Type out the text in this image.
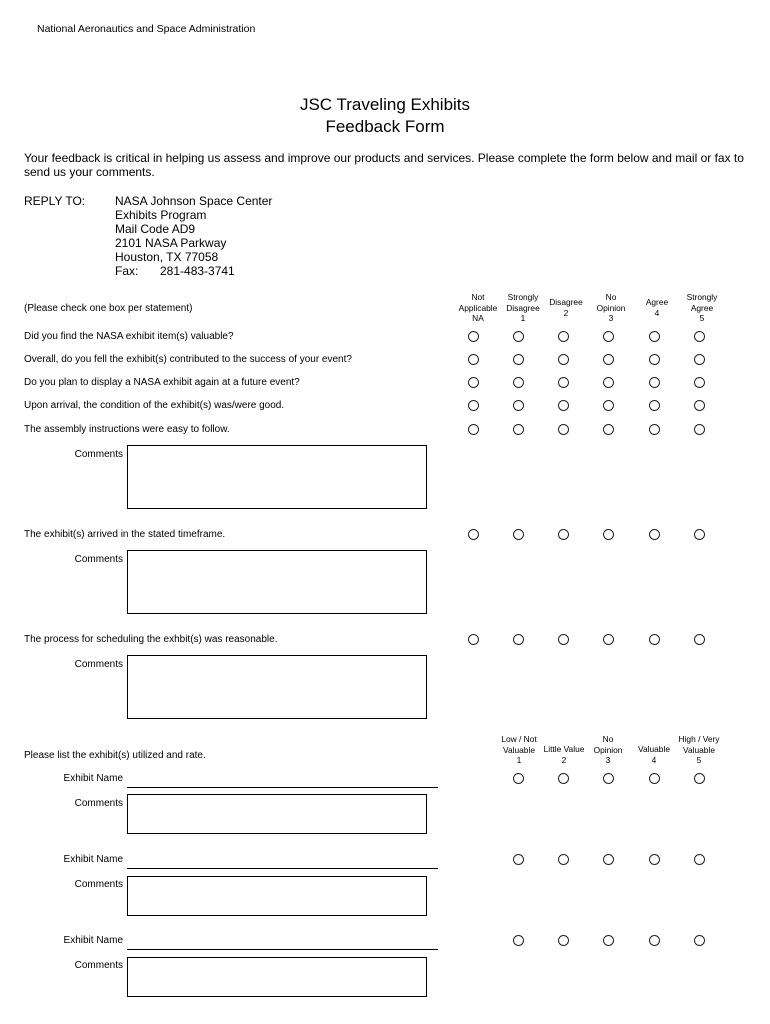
National Aeronautics and Space Administration
JSC Traveling Exhibits
Feedback Form
Your feedback is critical in helping us assess and improve our products and services. Please complete the form below and mail or fax to send us your comments.
REPLY TO: NASA Johnson Space Center
Exhibits Program
Mail Code AD9
2101 NASA Parkway
Houston, TX 77058
Fax: 281-483-3741
(Please check one box per statement)
Not
Applicable
NA
Strongly
Disagree
1
Disagree
2
No
Opinion
3
Agree
4
Strongly
Agree
5
Did you find the NASA exhibit item(s) valuable?
Overall, do you fell the exhibit(s) contributed to the success of your event?
Do you plan to display a NASA exhibit again at a future event?
Upon arrival, the condition of the exhibit(s) was/were good.
The assembly instructions were easy to follow.
Comments
The exhibit(s) arrived in the stated timeframe.
Comments
The process for scheduling the exhbit(s) was reasonable.
Comments
Please list the exhibit(s) utilized and rate.
Low / Not
Valuable
1
Little Value
2
No
Opinion
3
Valuable
4
High / Very
Valuable
5
Exhibit Name
Comments
Exhibit Name
Comments
Exhibit Name
Comments
